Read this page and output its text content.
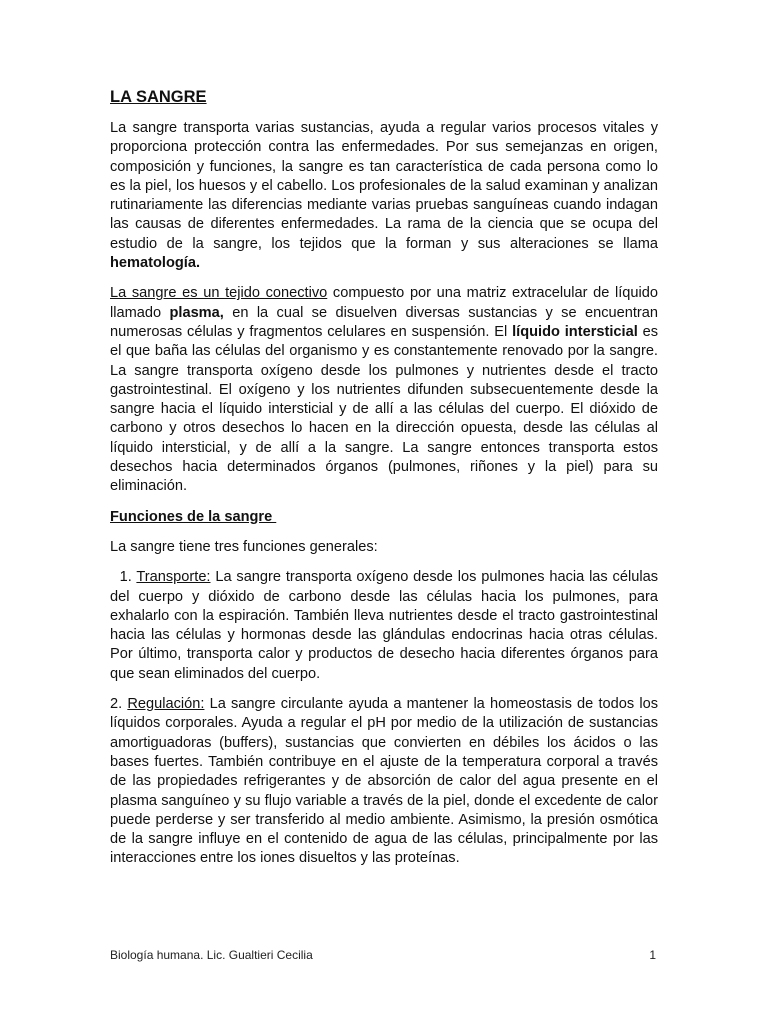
LA SANGRE

La sangre transporta varias sustancias, ayuda a regular varios procesos vitales y proporciona protección contra las enfermedades. Por sus semejanzas en origen, composición y funciones, la sangre es tan característica de cada persona como lo es la piel, los huesos y el cabello. Los profesionales de la salud examinan y analizan rutinariamente las diferencias mediante varias pruebas sanguíneas cuando indagan las causas de diferentes enfermedades. La rama de la ciencia que se ocupa del estudio de la sangre, los tejidos que la forman y sus alteraciones se llama hematología.

La sangre es un tejido conectivo compuesto por una matriz extracelular de líquido llamado plasma, en la cual se disuelven diversas sustancias y se encuentran numerosas células y fragmentos celulares en suspensión. El líquido intersticial es el que baña las células del organismo y es constantemente renovado por la sangre. La sangre transporta oxígeno desde los pulmones y nutrientes desde el tracto gastrointestinal. El oxígeno y los nutrientes difunden subsecuentemente desde la sangre hacia el líquido intersticial y de allí a las células del cuerpo. El dióxido de carbono y otros desechos lo hacen en la dirección opuesta, desde las células al líquido intersticial, y de allí a la sangre. La sangre entonces transporta estos desechos hacia determinados órganos (pulmones, riñones y la piel) para su eliminación.

Funciones de la sangre

La sangre tiene tres funciones generales:

1. Transporte: La sangre transporta oxígeno desde los pulmones hacia las células del cuerpo y dióxido de carbono desde las células hacia los pulmones, para exhalarlo con la espiración. También lleva nutrientes desde el tracto gastrointestinal hacia las células y hormonas desde las glándulas endocrinas hacia otras células. Por último, transporta calor y productos de desecho hacia diferentes órganos para que sean eliminados del cuerpo.

2. Regulación: La sangre circulante ayuda a mantener la homeostasis de todos los líquidos corporales. Ayuda a regular el pH por medio de la utilización de sustancias amortiguadoras (buffers), sustancias que convierten en débiles los ácidos o las bases fuertes. También contribuye en el ajuste de la temperatura corporal a través de las propiedades refrigerantes y de absorción de calor del agua presente en el plasma sanguíneo y su flujo variable a través de la piel, donde el excedente de calor puede perderse y ser transferido al medio ambiente. Asimismo, la presión osmótica de la sangre influye en el contenido de agua de las células, principalmente por las interacciones entre los iones disueltos y las proteínas.

Biología humana. Lic. Gualtieri Cecilia	1
